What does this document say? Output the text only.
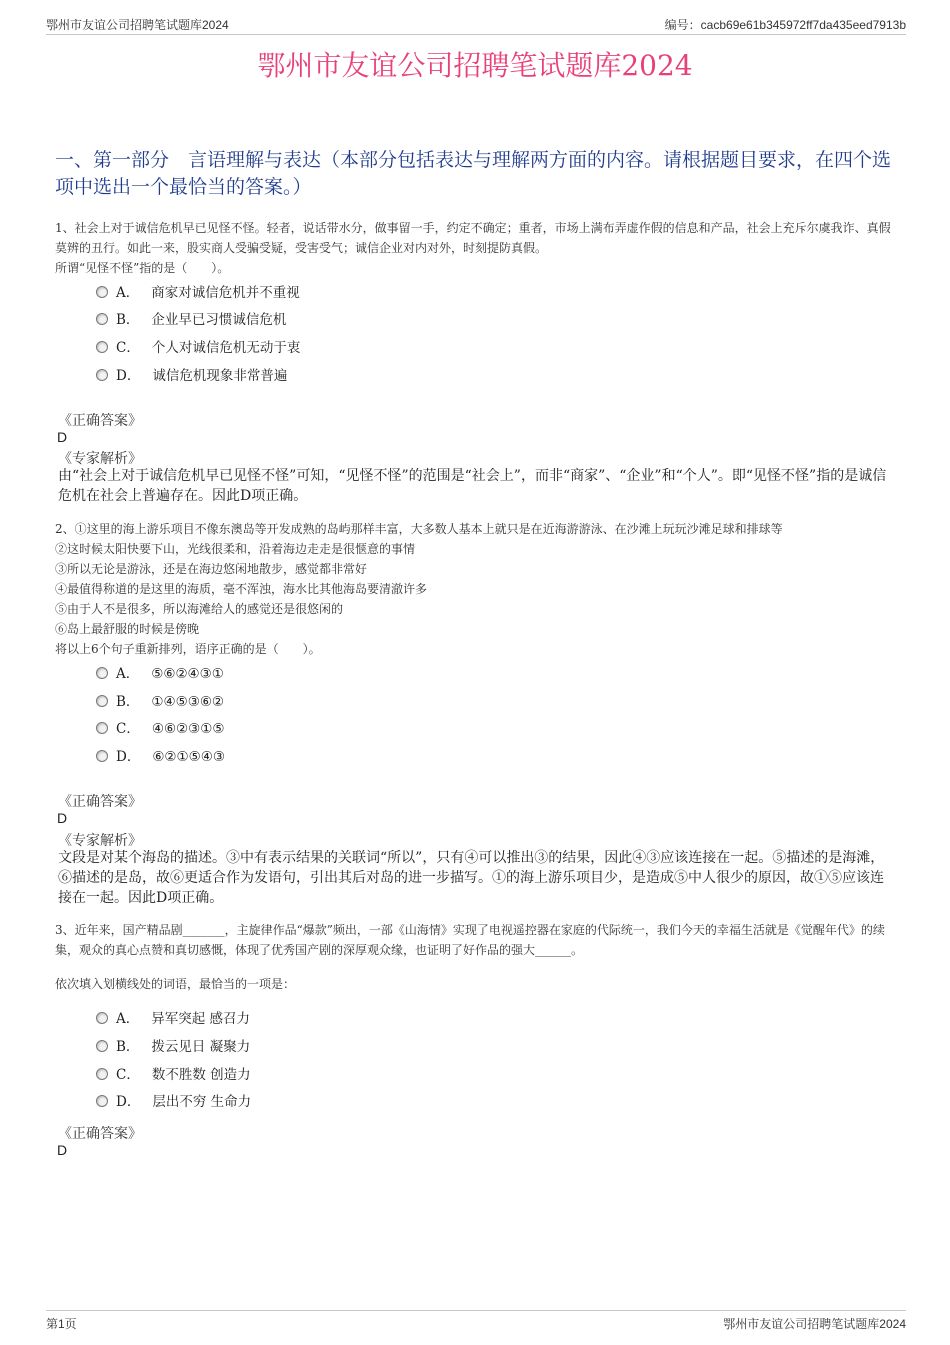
鄂州市友谊公司招聘笔试题库2024	编号：cacb69e61b345972ff7da435eed7913b
鄂州市友谊公司招聘笔试题库2024
一、第一部分　言语理解与表达（本部分包括表达与理解两方面的内容。请根据题目要求，在四个选项中选出一个最恰当的答案。）

1、社会上对于诚信危机早已见怪不怪。轻者，说话带水分，做事留一手，约定不确定；重者，市场上满布弄虚作假的信息和产品，社会上充斥尔虞我诈、真假莫辨的丑行。如此一来，股实商人受骗受疑，受害受气；诚信企业对内对外，时刻提防真假。

所谓“见怪不怪”指的是（　　）。

A． 商家对诚信危机并不重视
B． 企业早已习惯诚信危机
C． 个人对诚信危机无动于衷
D． 诚信危机现象非常普遍
《正确答案》
D
《专家解析》
由“社会上对于诚信危机早已见怪不怪”可知，“见怪不怪”的范围是“社会上”，而非“商家”、“企业”和“个人”。即“见怪不怪”指的是诚信危机在社会上普遍存在。因此D项正确。

2、①这里的海上游乐项目不像东澳岛等开发成熟的岛屿那样丰富，大多数人基本上就只是在近海游游泳、在沙滩上玩玩沙滩足球和排球等

②这时候太阳快要下山，光线很柔和，沿着海边走走是很惬意的事情

③所以无论是游泳，还是在海边悠闲地散步，感觉都非常好

④最值得称道的是这里的海质，毫不浑浊，海水比其他海岛要清澈许多

⑤由于人不是很多，所以海滩给人的感觉还是很悠闲的

⑥岛上最舒服的时候是傍晚

将以上6个句子重新排列，语序正确的是（　　）。

A． ⑤⑥②④③①
B． ①④⑤③⑥②
C． ④⑥②③①⑤
D． ⑥②①⑤④③
《正确答案》
D
《专家解析》
文段是对某个海岛的描述。③中有表示结果的关联词“所以”，只有④可以推出③的结果，因此④③应该连接在一起。⑤描述的是海滩，⑥描述的是岛，故⑥更适合作为发语句，引出其后对岛的进一步描写。①的海上游乐项目少，是造成⑤中人很少的原因，故①⑤应该连接在一起。因此D项正确。

3、近年来，国产精品剧_______，主旋律作品“爆款”频出，一部《山海情》实现了电视遥控器在家庭的代际统一，我们今天的幸福生活就是《觉醒年代》的续集，观众的真心点赞和真切感慨，体现了优秀国产剧的深厚观众缘，也证明了好作品的强大______。

依次填入划横线处的词语，最恰当的一项是：

A． 异军突起 感召力
B． 拨云见日 凝聚力
C． 数不胜数 创造力
D． 层出不穷 生命力
《正确答案》
D
第1页	鄂州市友谊公司招聘笔试题库2024
